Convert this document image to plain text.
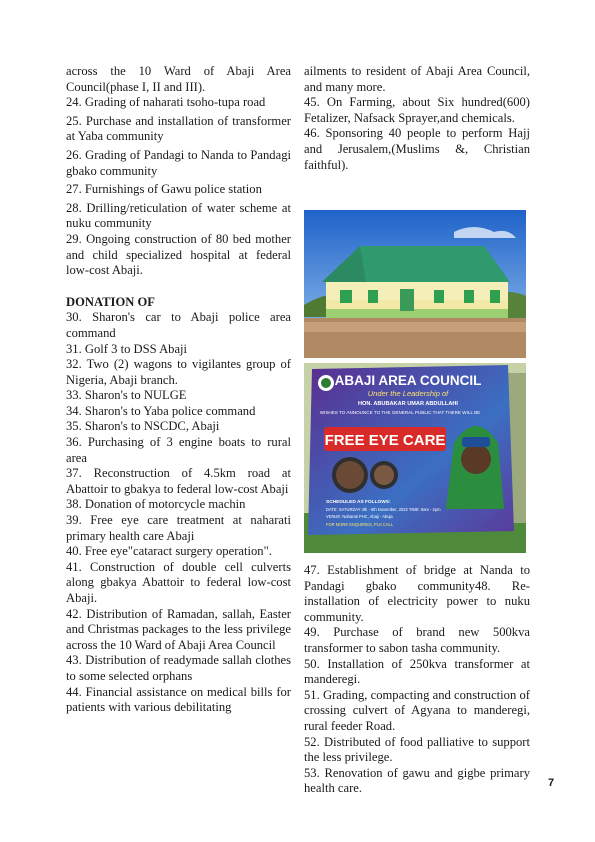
across the 10 Ward of Abaji Area Council(phase I, II and III).

24. Grading of naharati tsoho-tupa road

25. Purchase and installation of transformer at Yaba community

26. Grading of Pandagi to Nanda to Pandagi gbako community

27. Furnishings of Gawu police station

28. Drilling/reticulation of water scheme at nuku community

29. Ongoing construction of 80 bed mother and child specialized hospital at federal low-cost Abaji.

DONATION OF

30. Sharon's car to Abaji police area command

31. Golf 3 to DSS Abaji

32. Two (2) wagons to vigilantes group of Nigeria, Abaji branch.

33. Sharon's to NULGE

34. Sharon's to Yaba police command

35. Sharon's to NSCDC, Abaji

36. Purchasing of 3 engine boats to rural area

37. Reconstruction of 4.5km road at Abattoir to gbakya to federal low-cost Abaji

38. Donation of motorcycle machin

39. Free eye care treatment at naharati primary health care Abaji

40. Free eye"cataract surgery operation".

41. Construction of double cell culverts along gbakya Abattoir to federal low-cost Abaji.

42. Distribution of Ramadan, sallah, Easter and Christmas packages to the less privilege across the 10 Ward of Abaji Area Council

43. Distribution of readymade sallah clothes to some selected orphans

44. Financial assistance on medical bills for patients with various debilitating

ailments to resident of Abaji Area Council, and many more.

45. On Farming, about Six hundred(600) Fetalizer, Nafsack Sprayer,and chemicals.

46. Sponsoring 40 people to perform Hajj and Jerusalem,(Muslims &, Christian faithful).

ABAJI AREA COUNCIL
Under the Leadership of
HON. ABUBAKAR UMAR ABDULLAHI
WISHES TO ANNOUNCE TO THE GENERAL PUBLIC THAT THERE WILL BE
FREE EYE CARE
SCHEDULED AS FOLLOWS:
DATE: SATURDAY 4th - 6th November, 2022 TIME: 9am - 2pm
VENUE: Naharati PHC, Abaji - Abuja
FOR MORE ENQUIRIES, PLS CALL

47. Establishment of bridge at Nanda to Pandagi gbako community48. Re-installation of electricity power to nuku community.

49. Purchase of brand new 500kva transformer to sabon tasha community.

50. Installation of 250kva transformer at manderegi.

51. Grading, compacting and construction of crossing culvert of Agyana to manderegi, rural feeder Road.

52. Distributed of food palliative to support the less privilege.

53. Renovation of gawu and gigbe primary health care.	7
